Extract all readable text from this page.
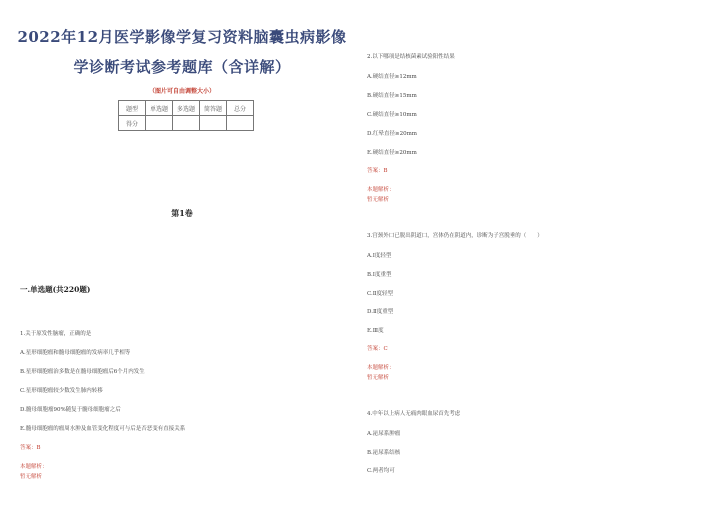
2022年12月医学影像学复习资料脑囊虫病影像
学诊断考试参考题库（含详解）
（图片可自由调整大小）
题型	单选题	多选题	简答题	总分
得分				
第1卷
一.单选题(共220题)
1.关于原发性脑瘤，正确的是
A.星形细胞瘤和髓母细胞瘤的发病率几乎相等
B.星形细胞瘤治多数是在髓母细胞瘤后6个月内发生
C.星形细胞瘤较少数发生肺内转移
D.髓母细胞瘤90%随复于髓母细胞瘤之后
E.髓母细胞瘤的瘤周水肿及血管变化程度可与后是否恶变有直接关系
答案：B
本题解析：
暂无解析
2.以下哪项是结核菌素试验阳性结果
A.硬结直径≥12mm
B.硬结直径≥15mm
C.硬结直径≥10mm
D.红晕直径≥20mm
E.硬结直径≥20mm
答案：B
本题解析：
暂无解析
3.宫颈外口已脱出阴道口，宫体仍在阴道内，诊断为子宫脱垂的（　　）
A.Ⅰ度轻型
B.Ⅰ度重型
C.Ⅱ度轻型
D.Ⅱ度重型
E.Ⅲ度
答案：C
本题解析：
暂无解析
4.中年以上病人无痛肉眼血尿首先考虑
A.泌尿系肿瘤
B.泌尿系结核
C.两者均可
